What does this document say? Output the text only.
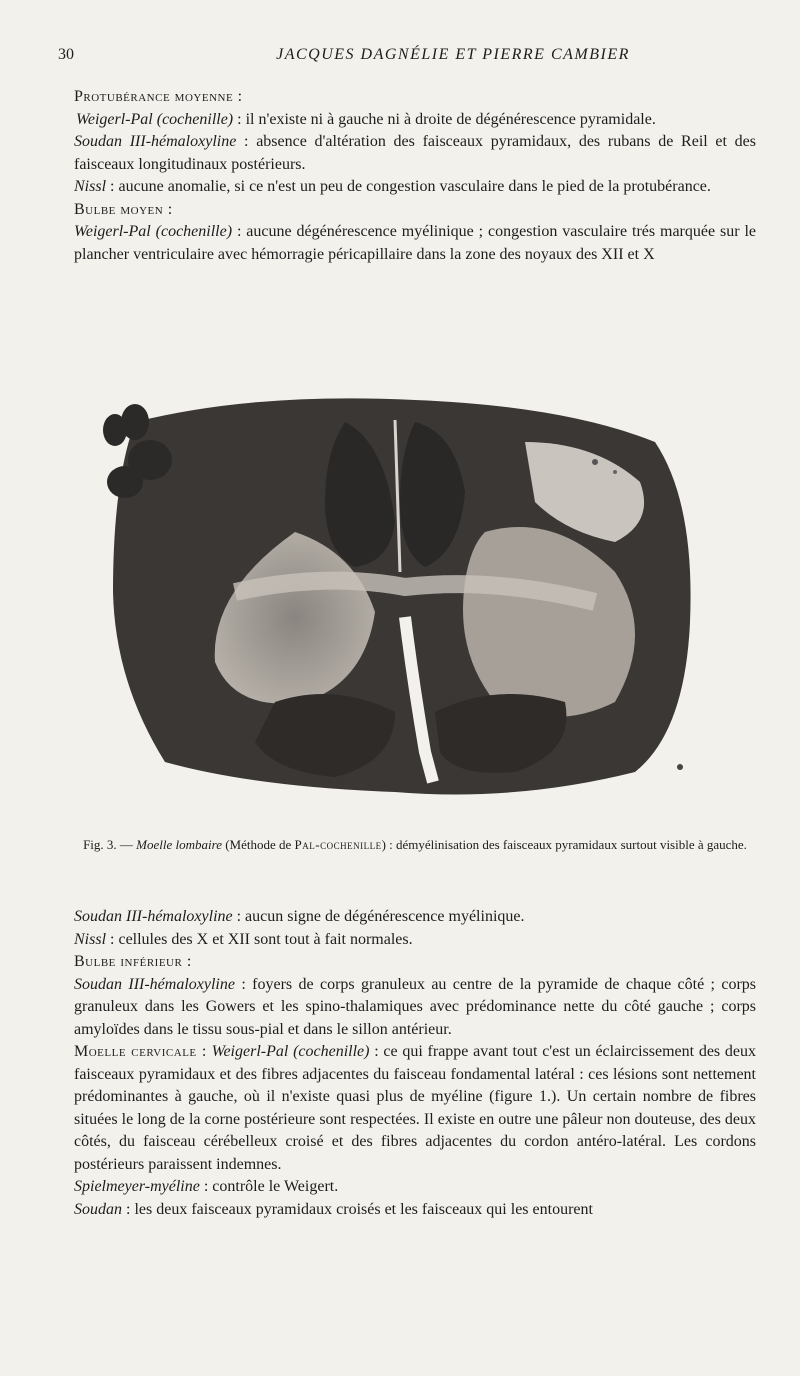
30	JACQUES DAGNÉLIE ET PIERRE CAMBIER

Protubérance moyenne :

Weigerl-Pal (cochenille) : il n'existe ni à gauche ni à droite de dégénérescence pyramidale.

Soudan III-hémaloxyline : absence d'altération des faisceaux pyramidaux, des rubans de Reil et des faisceaux longitudinaux postérieurs.

Nissl : aucune anomalie, si ce n'est un peu de congestion vasculaire dans le pied de la protubérance.

Bulbe moyen :

Weigerl-Pal (cochenille) : aucune dégénérescence myélinique ; congestion vasculaire trés marquée sur le plancher ventriculaire avec hémorragie péricapillaire dans la zone des noyaux des XII et X

Fig. 3. — Moelle lombaire (Méthode de Pal-cochenille) : démyélinisation des faisceaux pyramidaux surtout visible à gauche.

Soudan III-hémaloxyline : aucun signe de dégénérescence myélinique.

Nissl : cellules des X et XII sont tout à fait normales.

Bulbe inférieur :

Soudan III-hémaloxyline : foyers de corps granuleux au centre de la pyramide de chaque côté ; corps granuleux dans les Gowers et les spino-thalamiques avec prédominance nette du côté gauche ; corps amyloïdes dans le tissu sous-pial et dans le sillon antérieur.

Moelle cervicale : Weigerl-Pal (cochenille) : ce qui frappe avant tout c'est un éclaircissement des deux faisceaux pyramidaux et des fibres adjacentes du faisceau fondamental latéral : ces lésions sont nettement prédominantes à gauche, où il n'existe quasi plus de myéline (figure 1.). Un certain nombre de fibres situées le long de la corne postérieure sont respectées. Il existe en outre une pâleur non douteuse, des deux côtés, du faisceau cérébelleux croisé et des fibres adjacentes du cordon antéro-latéral. Les cordons postérieurs paraissent indemnes.

Spielmeyer-myéline : contrôle le Weigert.

Soudan : les deux faisceaux pyramidaux croisés et les faisceaux qui les entourent
